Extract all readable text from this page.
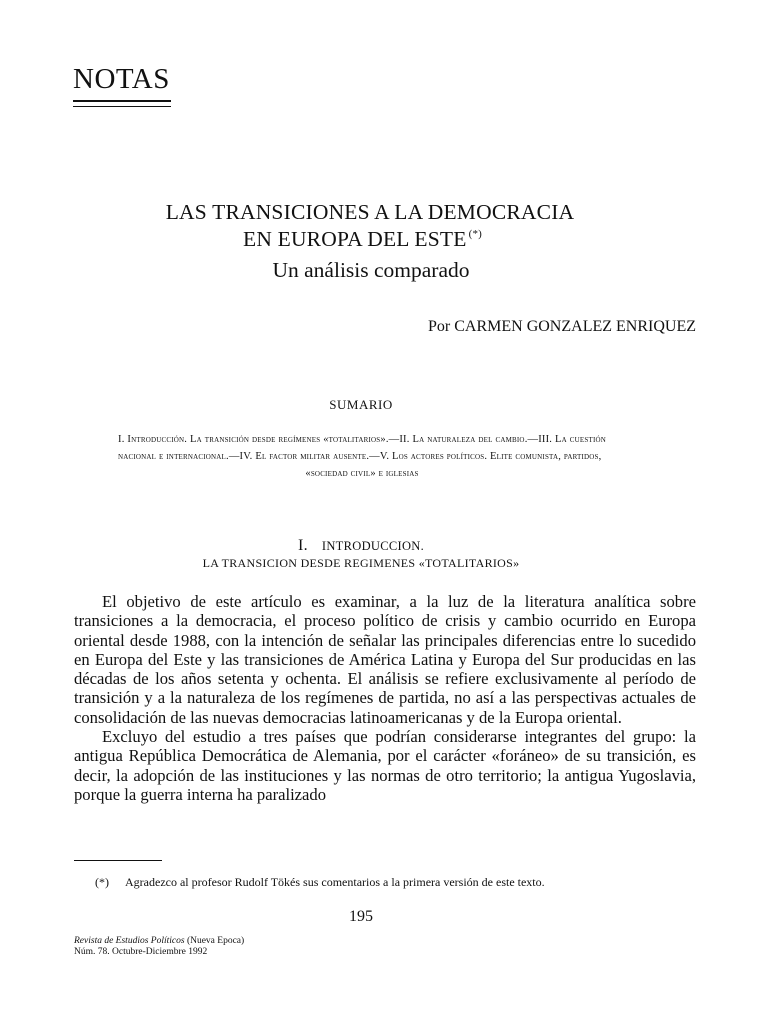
NOTAS
LAS TRANSICIONES A LA DEMOCRACIA
EN EUROPA DEL ESTE (*)
Un análisis comparado
Por CARMEN GONZALEZ ENRIQUEZ
SUMARIO
I. Introducción. La transición desde regímenes «totalitarios».—II. La naturaleza del cambio.—III. La cuestión nacional e internacional.—IV. El factor militar ausente.—V. Los actores políticos. Elite comunista, partidos,
«sociedad civil» e iglesias
I. INTRODUCCION.
LA TRANSICION DESDE REGIMENES «TOTALITARIOS»

El objetivo de este artículo es examinar, a la luz de la literatura analítica sobre transiciones a la democracia, el proceso político de crisis y cambio ocurrido en Europa oriental desde 1988, con la intención de señalar las principales diferencias entre lo sucedido en Europa del Este y las transiciones de América Latina y Europa del Sur producidas en las décadas de los años setenta y ochenta. El análisis se refiere exclusivamente al período de transición y a la naturaleza de los regímenes de partida, no así a las perspectivas actuales de consolidación de las nuevas democracias latinoamericanas y de la Europa oriental.

Excluyo del estudio a tres países que podrían considerarse integrantes del grupo: la antigua República Democrática de Alemania, por el carácter «foráneo» de su transición, es decir, la adopción de las instituciones y las normas de otro territorio; la antigua Yugoslavia, porque la guerra interna ha paralizado

(*) Agradezco al profesor Rudolf Tökés sus comentarios a la primera versión de este texto.
195
Revista de Estudios Políticos (Nueva Epoca)
Núm. 78. Octubre-Diciembre 1992
